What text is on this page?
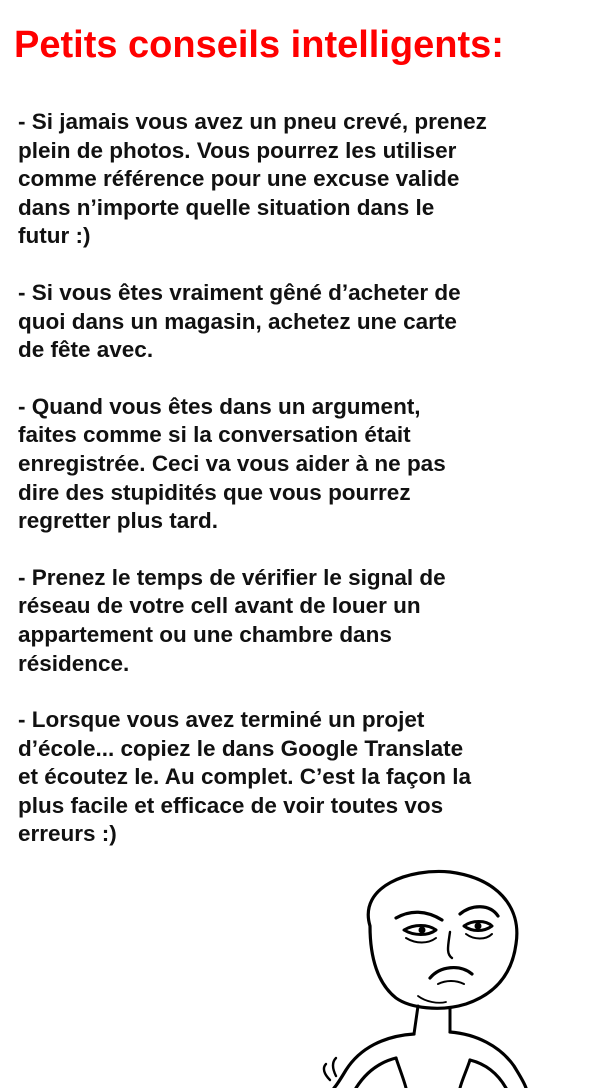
Petits conseils intelligents:

- Si jamais vous avez un pneu crevé, prenez
plein de photos. Vous pourrez les utiliser
comme référence pour une excuse valide
dans n’importe quelle situation dans le
futur :)

- Si vous êtes vraiment gêné d’acheter de
quoi dans un magasin, achetez une carte
de fête avec.

- Quand vous êtes dans un argument,
faites comme si la conversation était
enregistrée. Ceci va vous aider à ne pas
dire des stupidités que vous pourrez
regretter plus tard.

- Prenez le temps de vérifier le signal de
réseau de votre cell avant de louer un
appartement ou une chambre dans
résidence.

- Lorsque vous avez terminé un projet
d’école... copiez le dans Google Translate
et écoutez le. Au complet. C’est la façon la
plus facile et efficace de voir toutes vos
erreurs :)
